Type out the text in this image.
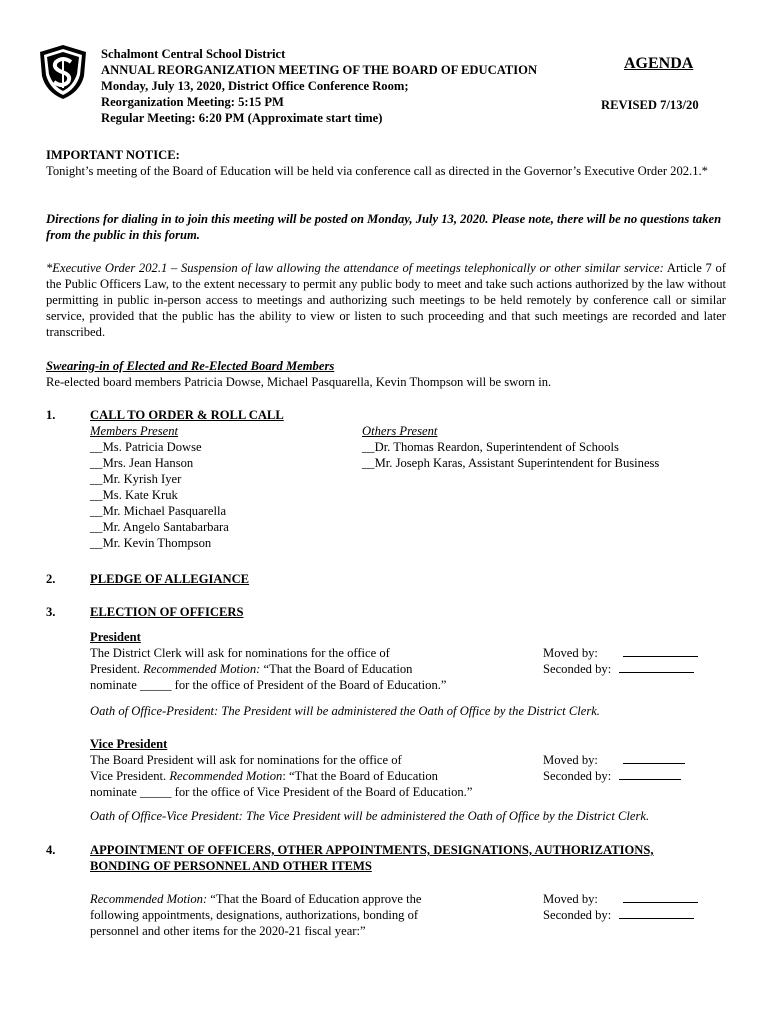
Schalmont Central School District
ANNUAL REORGANIZATION MEETING OF THE BOARD OF EDUCATION
Monday, July 13, 2020, District Office Conference Room;
Reorganization Meeting: 5:15 PM
Regular Meeting: 6:20 PM (Approximate start time)
AGENDA
REVISED 7/13/20
IMPORTANT NOTICE:
Tonight’s meeting of the Board of Education will be held via conference call as directed in the Governor’s Executive Order 202.1.*
Directions for dialing in to join this meeting will be posted on Monday, July 13, 2020. Please note, there will be no questions taken from the public in this forum.
*Executive Order 202.1 – Suspension of law allowing the attendance of meetings telephonically or other similar service: Article 7 of the Public Officers Law, to the extent necessary to permit any public body to meet and take such actions authorized by the law without permitting in public in-person access to meetings and authorizing such meetings to be held remotely by conference call or similar service, provided that the public has the ability to view or listen to such proceeding and that such meetings are recorded and later transcribed.
Swearing-in of Elected and Re-Elected Board Members
Re-elected board members Patricia Dowse, Michael Pasquarella, Kevin Thompson will be sworn in.
1.	CALL TO ORDER & ROLL CALL
Members Present
__Ms. Patricia Dowse
__Mrs. Jean Hanson
__Mr. Kyrish Iyer
__Ms. Kate Kruk
__Mr. Michael Pasquarella
__Mr. Angelo Santabarbara
__Mr. Kevin Thompson
Others Present
__Dr. Thomas Reardon, Superintendent of Schools
__Mr. Joseph Karas, Assistant Superintendent for Business
2.	PLEDGE OF ALLEGIANCE
3.	ELECTION OF OFFICERS
President
The District Clerk will ask for nominations for the office of
President. Recommended Motion: “That the Board of Education
nominate _____ for the office of President of the Board of Education.”
Moved by:
Seconded by:
Oath of Office-President: The President will be administered the Oath of Office by the District Clerk.
Vice President
The Board President will ask for nominations for the office of
Vice President. Recommended Motion: “That the Board of Education
nominate _____ for the office of Vice President of the Board of Education.”
Moved by:
Seconded by:
Oath of Office-Vice President: The Vice President will be administered the Oath of Office by the District Clerk.
4.	APPOINTMENT OF OFFICERS, OTHER APPOINTMENTS, DESIGNATIONS, AUTHORIZATIONS,
BONDING OF PERSONNEL AND OTHER ITEMS
Recommended Motion: “That the Board of Education approve the
following appointments, designations, authorizations, bonding of
personnel and other items for the 2020-21 fiscal year:”
Moved by:
Seconded by:
